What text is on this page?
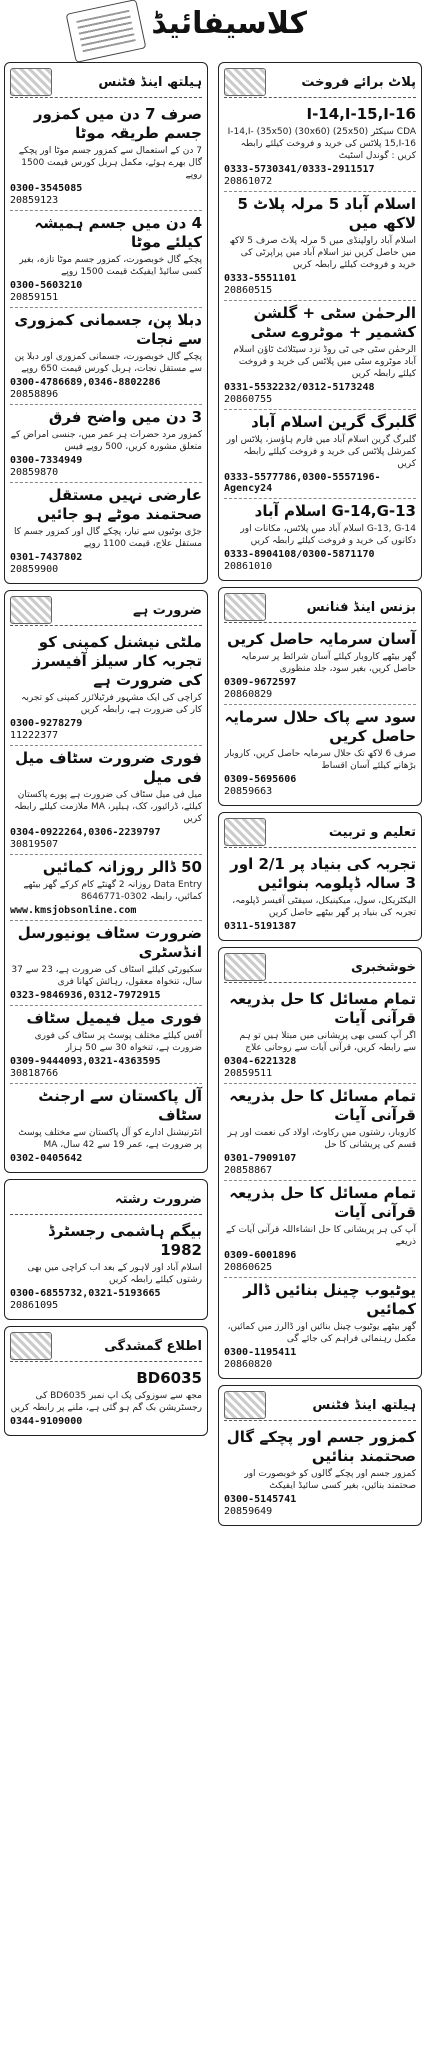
کلاسیفائیڈ
پلاٹ برائے فروخت
I-14,I-15,I-16
CDA سیکٹر (25x50) (30x60) (35x50) I-14,I-15,I-16 پلاٹس کی خرید و فروخت کیلئے رابطہ کریں : گوندل اسٹیٹ
0333-5730341/0333-2911517
20861072
اسلام آباد 5 مرلہ پلاٹ 5 لاکھ میں
اسلام آباد راولپنڈی میں 5 مرلہ پلاٹ صرف 5 لاکھ میں حاصل کریں نیز اسلام آباد میں پراپرٹی کی خرید و فروخت کیلئے رابطہ کریں
0333-5551101
20860515
الرحمٰن سٹی + گلشن کشمیر + موٹروے سٹی
الرحمٰن سٹی جی ٹی روڈ نزد سیٹلائٹ ٹاؤن اسلام آباد موٹروے سٹی میں پلاٹس کی خرید و فروخت کیلئے رابطہ کریں
0331-5532232/0312-5173248
20860755
گلبرگ گرین اسلام آباد
گلبرگ گرین اسلام آباد میں فارم ہاؤسز، پلاٹس اور کمرشل پلاٹس کی خرید و فروخت کیلئے رابطہ کریں
0333-5577786,0300-5557196-Agency24
G-14,G-13 اسلام آباد
G-13, G-14 اسلام آباد میں پلاٹس، مکانات اور دکانوں کی خرید و فروخت کیلئے رابطہ کریں
0333-8904108/0300-5871170
20861010
بزنس اینڈ فنانس
آسان سرمایہ حاصل کریں
گھر بیٹھے کاروبار کیلئے آسان شرائط پر سرمایہ حاصل کریں، بغیر سود، جلد منظوری
0309-9672597
20860829
سود سے پاک حلال سرمایہ حاصل کریں
صرف 6 لاکھ تک حلال سرمایہ حاصل کریں، کاروبار بڑھانے کیلئے آسان اقساط
0309-5695606
20859663
تعلیم و تربیت
تجربہ کی بنیاد پر 2/1 اور 3 سالہ ڈپلومہ بنوائیں
الیکٹریکل، سول، میکینیکل، سیفٹی آفیسر ڈپلومہ، تجربہ کی بنیاد پر گھر بیٹھے حاصل کریں
0311-5191387
خوشخبری
تمام مسائل کا حل بذریعہ قرآنی آیات
اگر آپ کسی بھی پریشانی میں مبتلا ہیں تو ہم سے رابطہ کریں، قرآنی آیات سے روحانی علاج
0304-6221328
20859511
تمام مسائل کا حل بذریعہ قرآنی آیات
کاروبار، رشتوں میں رکاوٹ، اولاد کی نعمت اور ہر قسم کی پریشانی کا حل
0301-7909107
20858867
تمام مسائل کا حل بذریعہ قرآنی آیات
آپ کی ہر پریشانی کا حل انشاءاللہ قرآنی آیات کے ذریعے
0309-6001896
20860625
یوٹیوب چینل بنائیں ڈالر کمائیں
گھر بیٹھے یوٹیوب چینل بنائیں اور ڈالرز میں کمائیں، مکمل رہنمائی فراہم کی جائے گی
0300-1195411
20860820
ہیلتھ اینڈ فٹنس
کمزور جسم اور پچکے گال صحتمند بنائیں
کمزور جسم اور پچکے گالوں کو خوبصورت اور صحتمند بنائیں، بغیر کسی سائیڈ ایفیکٹ
0300-5145741
20859649
ہیلتھ اینڈ فٹنس
صرف 7 دن میں کمزور جسم طریقہ موٹا
7 دن کے استعمال سے کمزور جسم موٹا اور پچکے گال بھرے ہوئے، مکمل ہربل کورس قیمت 1500 روپے
0300-3545085
20859123
4 دن میں جسم ہمیشہ کیلئے موٹا
پچکے گال خوبصورت، کمزور جسم موٹا تازہ، بغیر کسی سائیڈ ایفیکٹ قیمت 1500 روپے
0300-5603210
20859151
دبلا پن، جسمانی کمزوری سے نجات
پچکے گال خوبصورت، جسمانی کمزوری اور دبلا پن سے مستقل نجات، ہربل کورس قیمت 650 روپے
0300-4786689,0346-8802286
20858896
3 دن میں واضح فرق
کمزور مرد حضرات ہر عمر میں، جنسی امراض کے متعلق مشورہ کریں، 500 روپے فیس
0300-7334949
20859870
عارضی نہیں مستقل صحتمند موٹے ہو جائیں
جڑی بوٹیوں سے تیار، پچکے گال اور کمزور جسم کا مستقل علاج، قیمت 1100 روپے
0301-7437802
20859900
ضرورت ہے
ملٹی نیشنل کمپنی کو تجربہ کار سیلز آفیسرز کی ضرورت ہے
کراچی کی ایک مشہور فرٹیلائزر کمپنی کو تجربہ کار کی ضرورت ہے، رابطہ کریں
0300-9278279
11222377
فوری ضرورت سٹاف میل فی میل
میل فی میل سٹاف کی ضرورت ہے پورے پاکستان کیلئے، ڈرائیور، کک، ہیلپر، MA ملازمت کیلئے رابطہ کریں
0304-0922264,0306-2239797
30819507
50 ڈالر روزانہ کمائیں
Data Entry روزانہ 2 گھنٹے کام کرکے گھر بیٹھے کمائیں، رابطہ 0302-8646771
www.kmsjobsonline.com
ضرورت سٹاف یونیورسل انڈسٹری
سکیورٹی کیلئے اسٹاف کی ضرورت ہے، 23 سے 37 سال، تنخواہ معقول، رہائش کھانا فری
0323-9846936,0312-7972915
فوری میل فیمیل سٹاف
آفس کیلئے مختلف پوسٹ پر سٹاف کی فوری ضرورت ہے، تنخواہ 30 سے 50 ہزار
0309-9444093,0321-4363595
30818766
آل پاکستان سے ارجنٹ سٹاف
انٹرنیشنل ادارے کو آل پاکستان سے مختلف پوسٹ پر ضرورت ہے، عمر 19 سے 42 سال، MA
0302-0405642
ضرورت رشتہ
بیگم ہاشمی رجسٹرڈ 1982
اسلام آباد اور لاہور کے بعد اب کراچی میں بھی رشتوں کیلئے رابطہ کریں
0300-6855732,0321-5193665
20861095
اطلاع گمشدگی
BD6035
مجھ سے سوزوکی پک اپ نمبر BD6035 کی رجسٹریشن بک گم ہو گئی ہے، ملنے پر رابطہ کریں
0344-9109000
